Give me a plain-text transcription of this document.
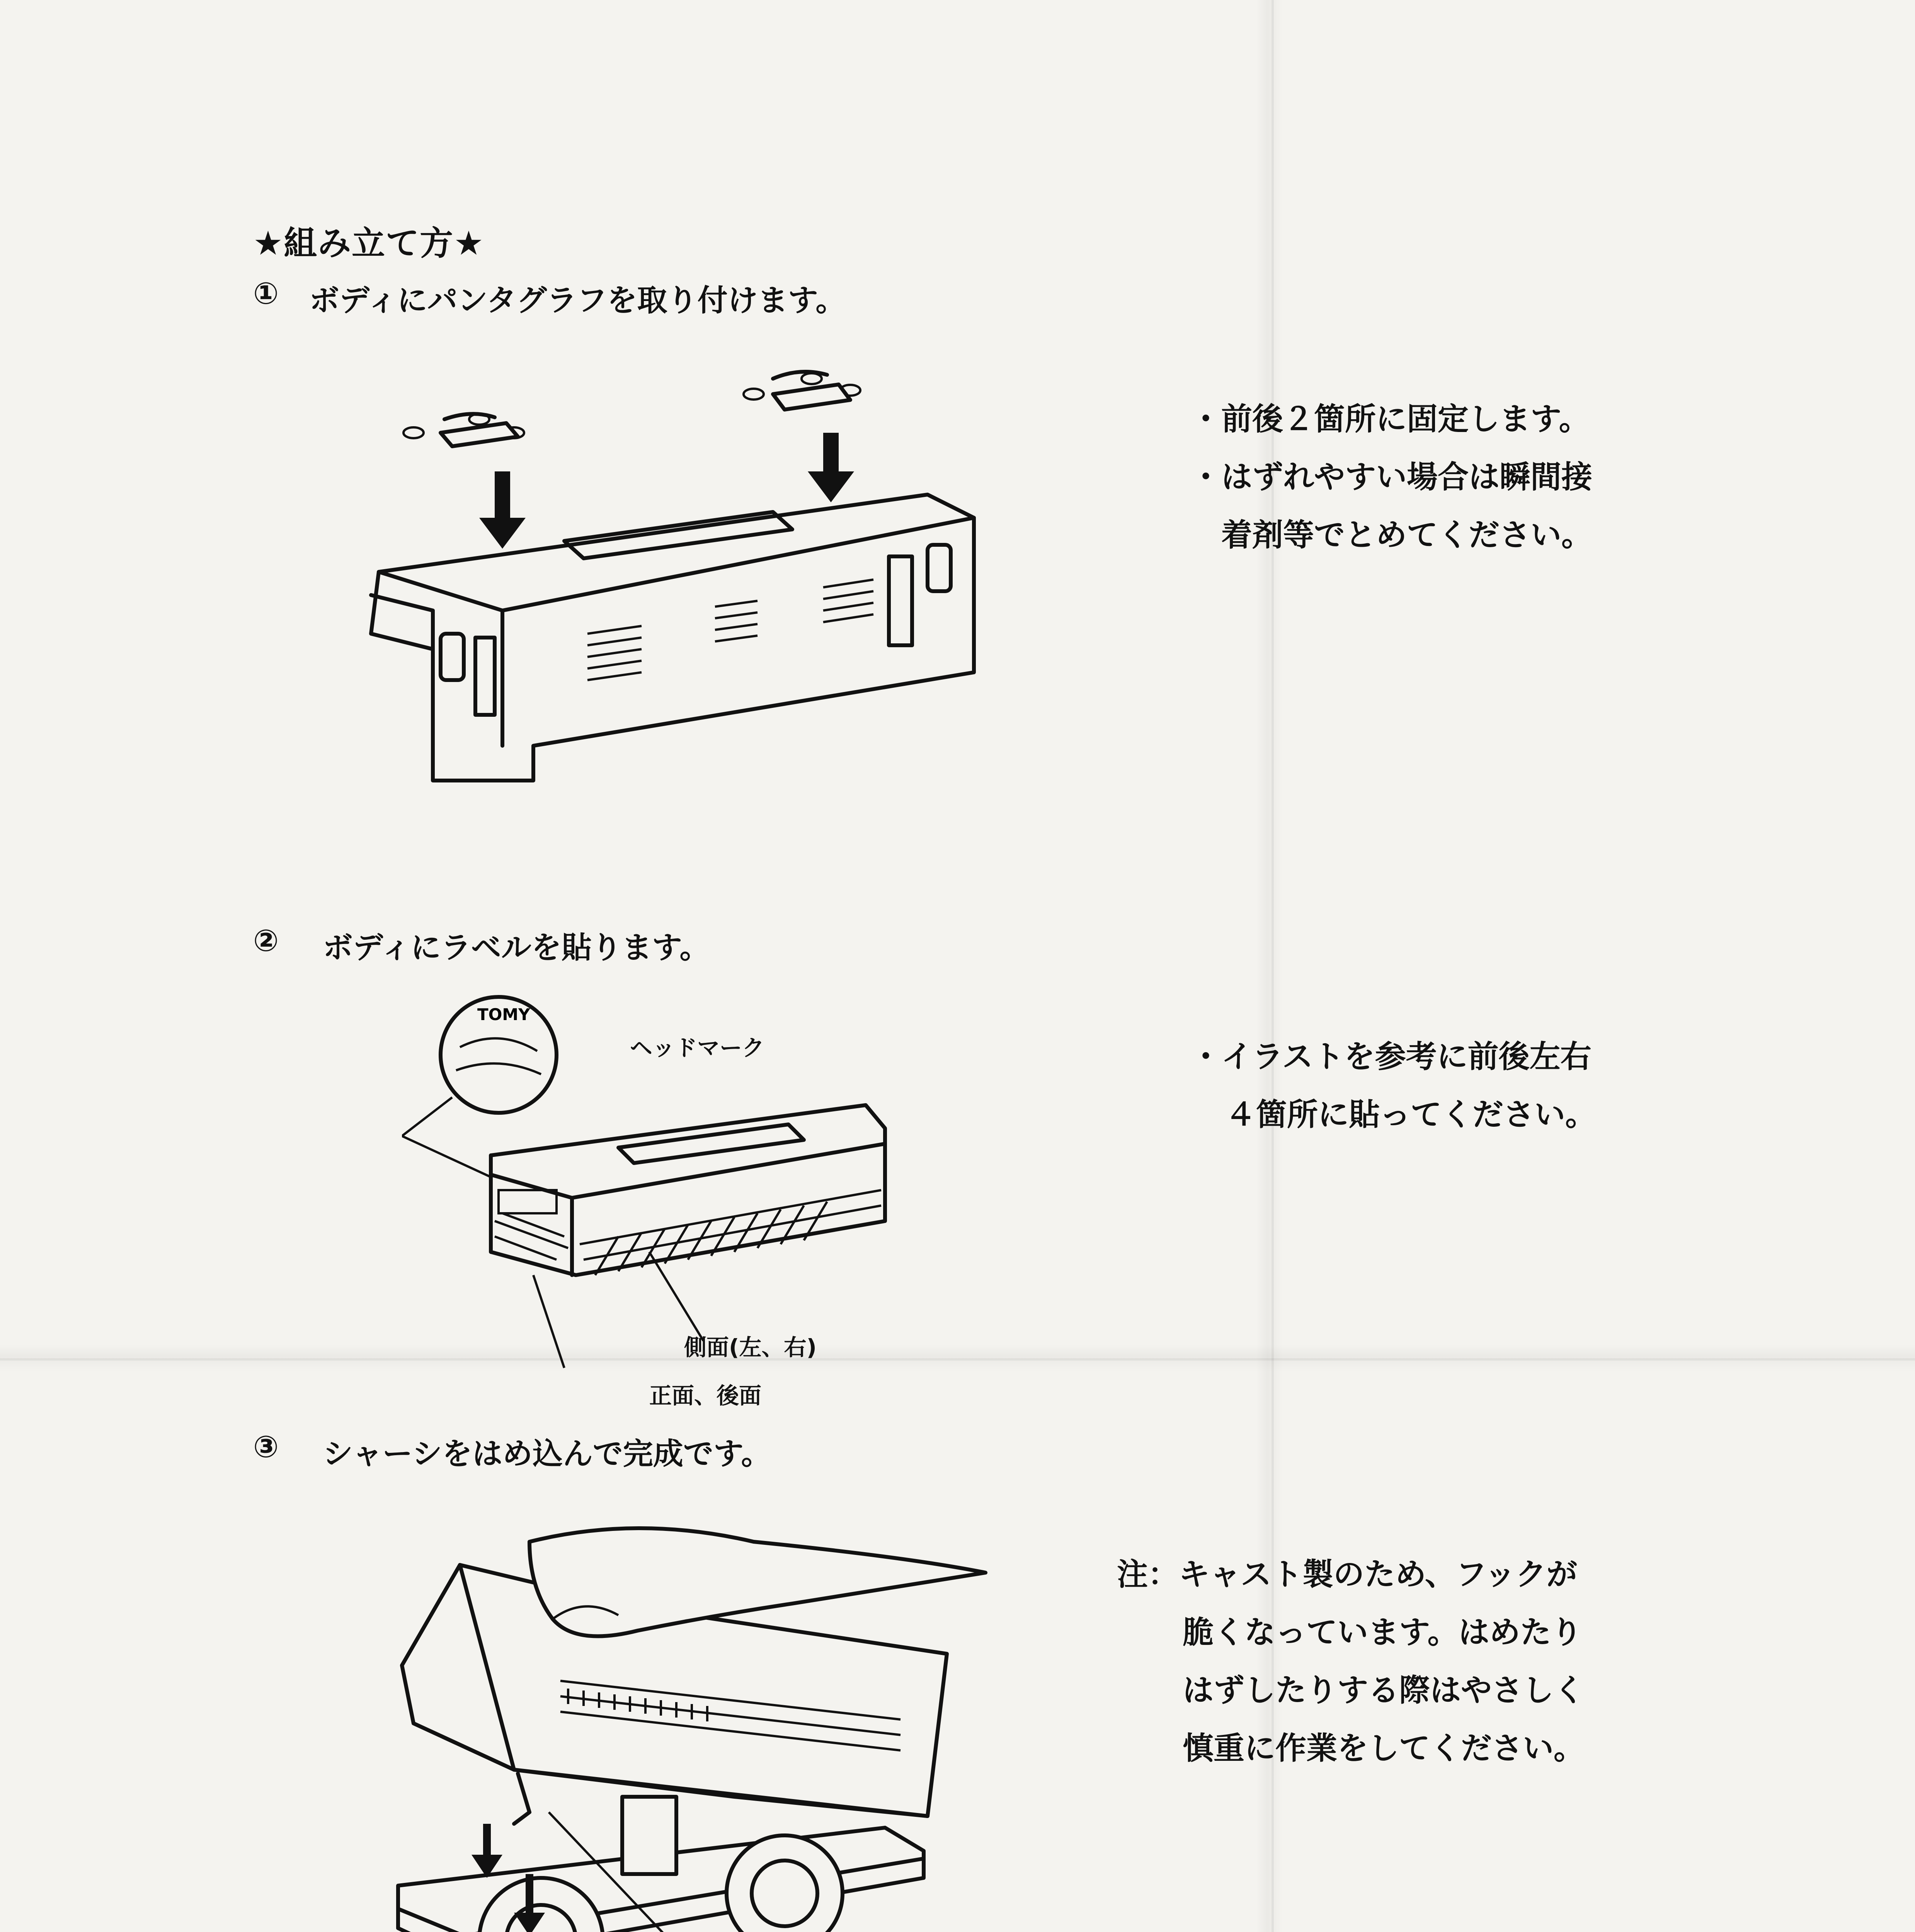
★組み立て方★
① ボディにパンタグラフを取り付けます。
・前後２箇所に固定します。
・はずれやすい場合は瞬間接
着剤等でとめてください。
② ボディにラベルを貼ります。
TOMY
ヘッドマーク
側面(左、右)
正面、後面
・イラストを参考に前後左右
４箇所に貼ってください。
③ シャーシをはめ込んで完成です。
注：キャスト製のため、フックが
脆くなっています。はめたり
はずしたりする際はやさしく
慎重に作業をしてください。
